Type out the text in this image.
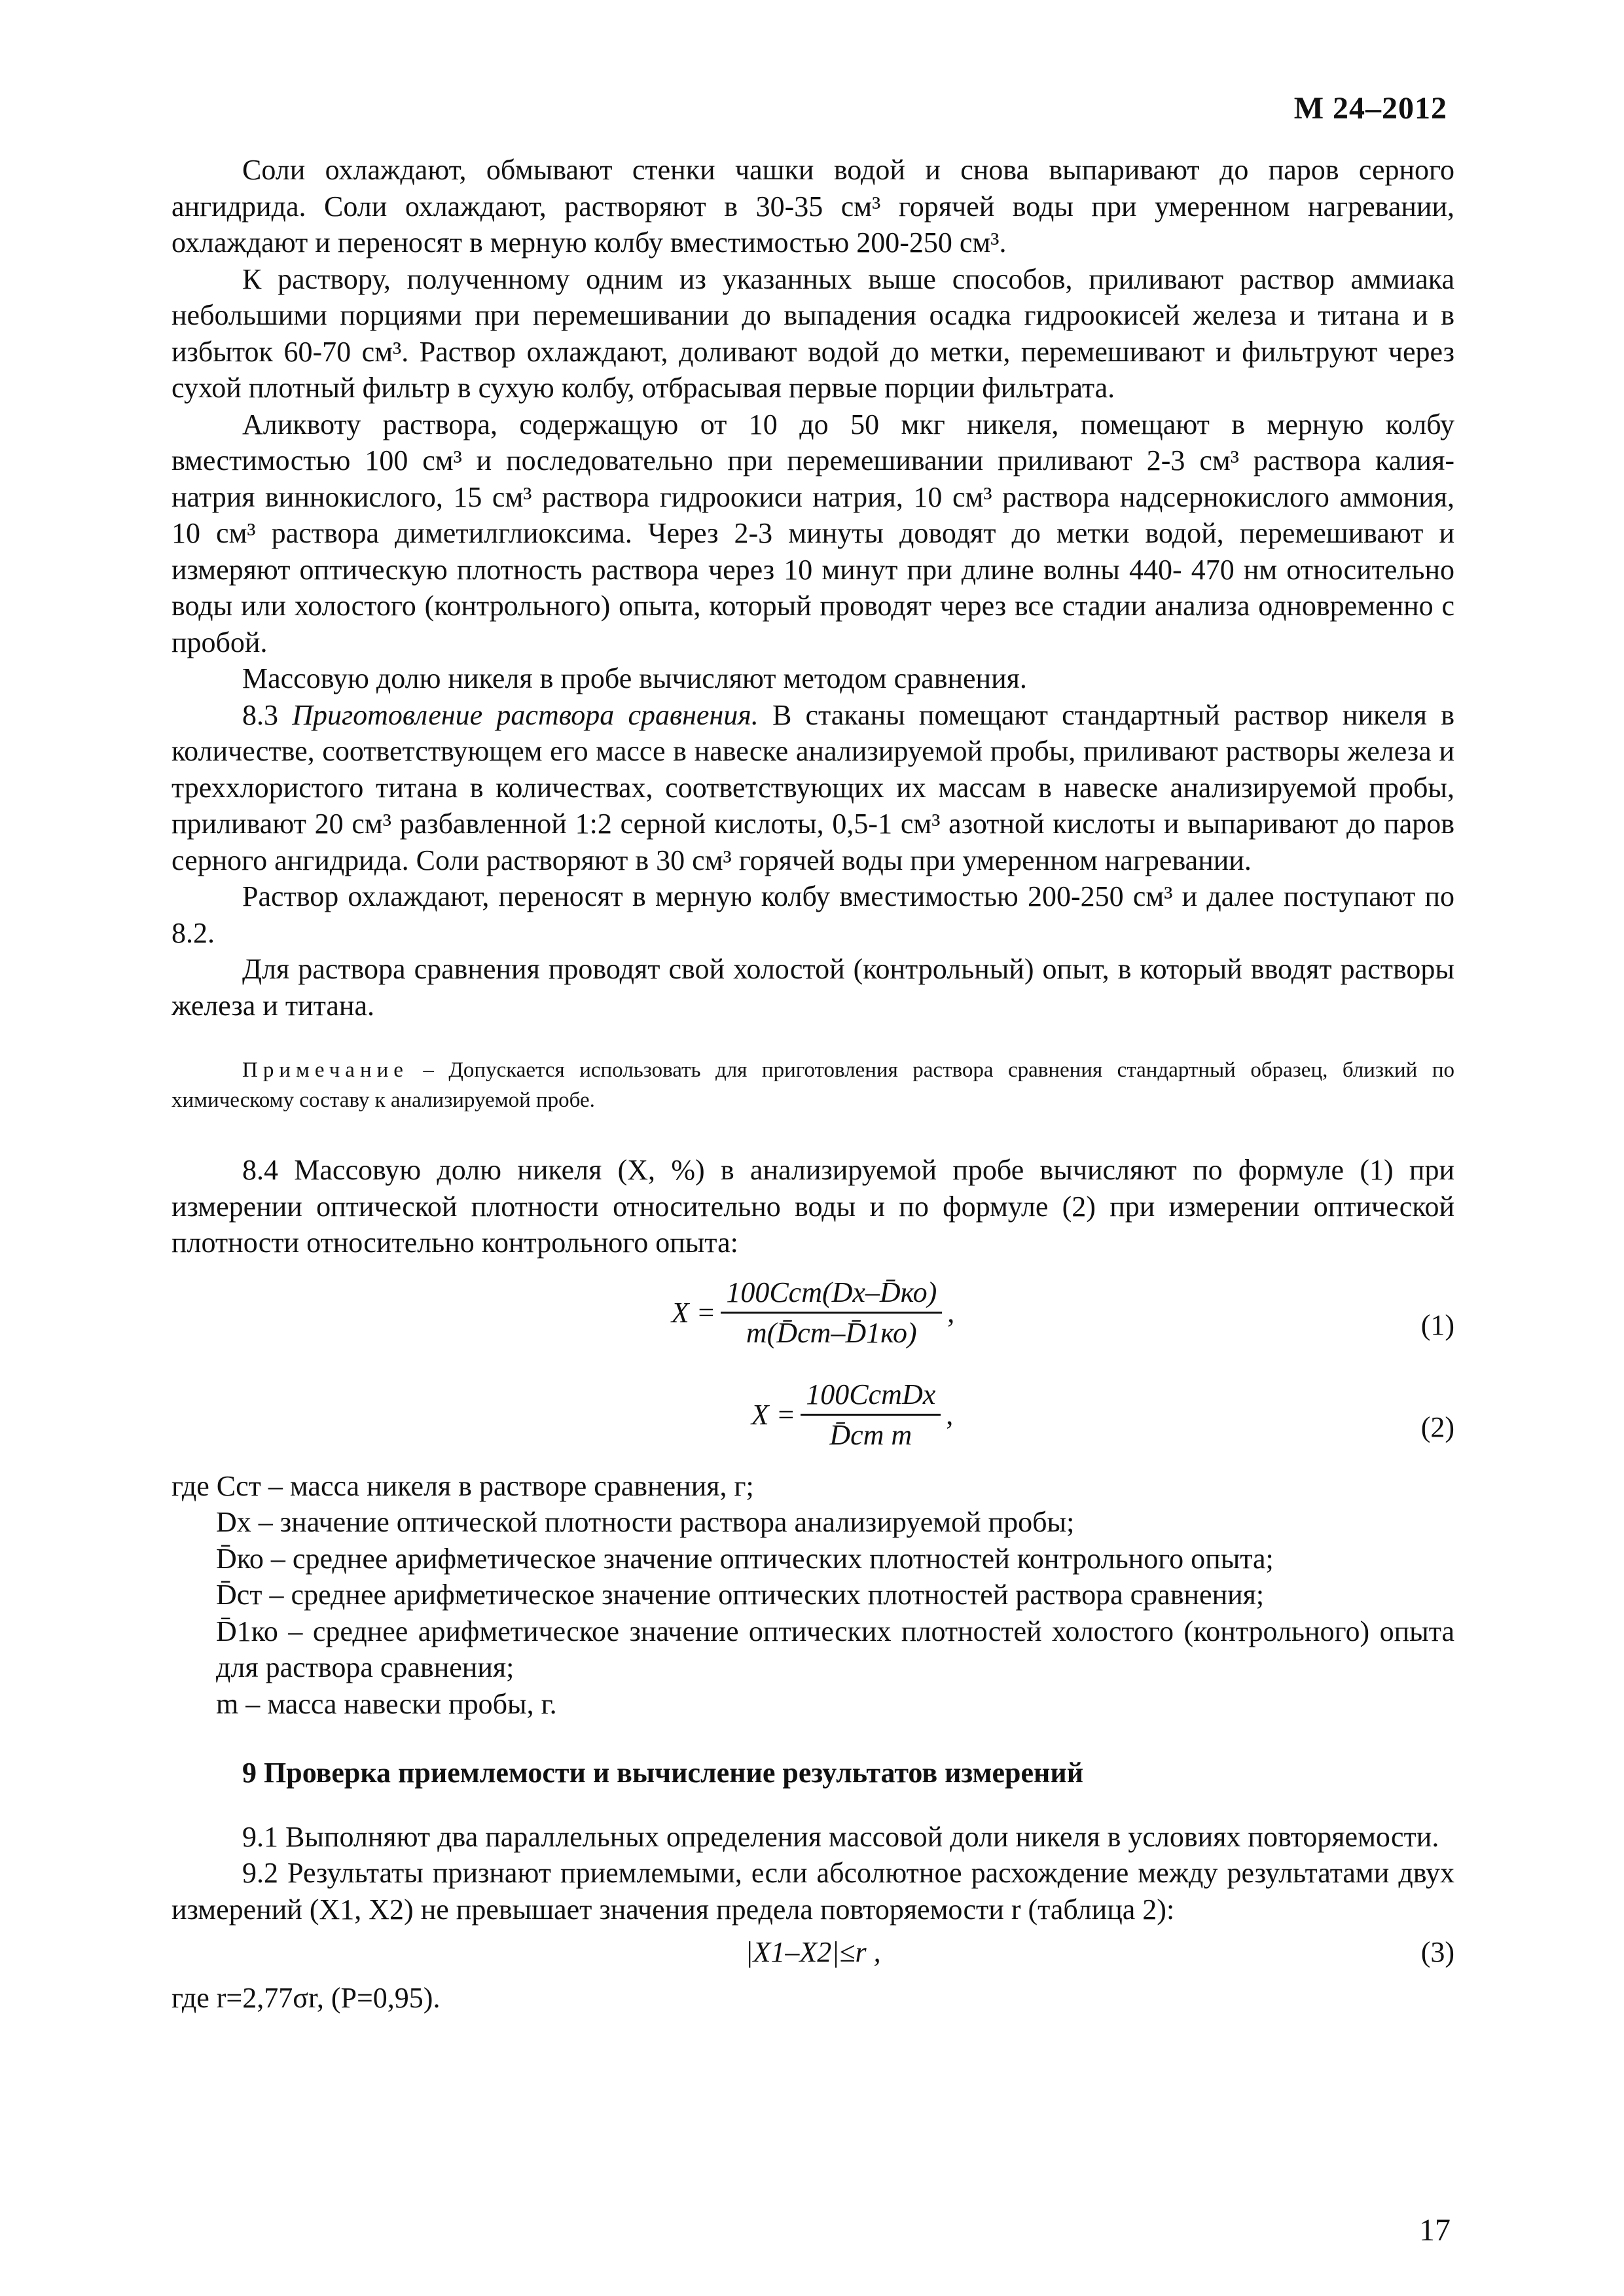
М 24–2012

Соли охлаждают, обмывают стенки чашки водой и снова выпаривают до паров серного ангидрида. Соли охлаждают, растворяют в 30-35 см³ горячей воды при умеренном нагревании, охлаждают и переносят в мерную колбу вместимостью 200-250 см³.

К раствору, полученному одним из указанных выше способов, приливают раствор аммиака небольшими порциями при перемешивании до выпадения осадка гидроокисей железа и титана и в избыток 60-70 см³. Раствор охлаждают, доливают водой до метки, перемешивают и фильтруют через сухой плотный фильтр в сухую колбу, отбрасывая первые порции фильтрата.

Аликвоту раствора, содержащую от 10 до 50 мкг никеля, помещают в мерную колбу вместимостью 100 см³ и последовательно при перемешивании приливают 2-3 см³ раствора калия-натрия виннокислого, 15 см³ раствора гидроокиси натрия, 10 см³ раствора надсернокислого аммония, 10 см³ раствора диметилглиоксима. Через 2-3 минуты доводят до метки водой, перемешивают и измеряют оптическую плотность раствора через 10 минут при длине волны 440- 470 нм относительно воды или холостого (контрольного) опыта, который проводят через все стадии анализа одновременно с пробой.

Массовую долю никеля в пробе вычисляют методом сравнения.

8.3 Приготовление раствора сравнения. В стаканы помещают стандартный раствор никеля в количестве, соответствующем его массе в навеске анализируемой пробы, приливают растворы железа и треххлористого титана в количествах, соответствующих их массам в навеске анализируемой пробы, приливают 20 см³ разбавленной 1:2 серной кислоты, 0,5-1 см³ азотной кислоты и выпаривают до паров серного ангидрида. Соли растворяют в 30 см³ горячей воды при умеренном нагревании.

Раствор охлаждают, переносят в мерную колбу вместимостью 200-250 см³ и далее поступают по 8.2.

Для раствора сравнения проводят свой холостой (контрольный) опыт, в который вводят растворы железа и титана.

Примечание – Допускается использовать для приготовления раствора сравнения стандартный образец, близкий по химическому составу к анализируемой пробе.

8.4 Массовую долю никеля (X, %) в анализируемой пробе вычисляют по формуле (1) при измерении оптической плотности относительно воды и по формуле (2) при измерении оптической плотности относительно контрольного опыта:

$X = \frac{\text{100Cст(Dx–D̄ко)}}{m(D̄ст-D̄1ко)}$ ,	(1)
$X = \frac{\text{100CстDx}}{\text{D̄ст m}}$ ,	(2)

где Cст – масса никеля в растворе сравнения, г;

Dx – значение оптической плотности раствора анализируемой пробы;

D̄ко – среднее арифметическое значение оптических плотностей контрольного опыта;

D̄ст – среднее арифметическое значение оптических плотностей раствора сравнения;

D̄1ко – среднее арифметическое значение оптических плотностей холостого (контрольного) опыта для раствора сравнения;

m – масса навески пробы, г.

9 Проверка приемлемости и вычисление результатов измерений

9.1 Выполняют два параллельных определения массовой доли никеля в условиях повторяемости.

9.2 Результаты признают приемлемыми, если абсолютное расхождение между результатами двух измерений (X1, X2) не превышает значения предела повторяемости r (таблица 2):

|X1–X2|≤r ,	(3)

где r=2,77σr, (P=0,95).

17
